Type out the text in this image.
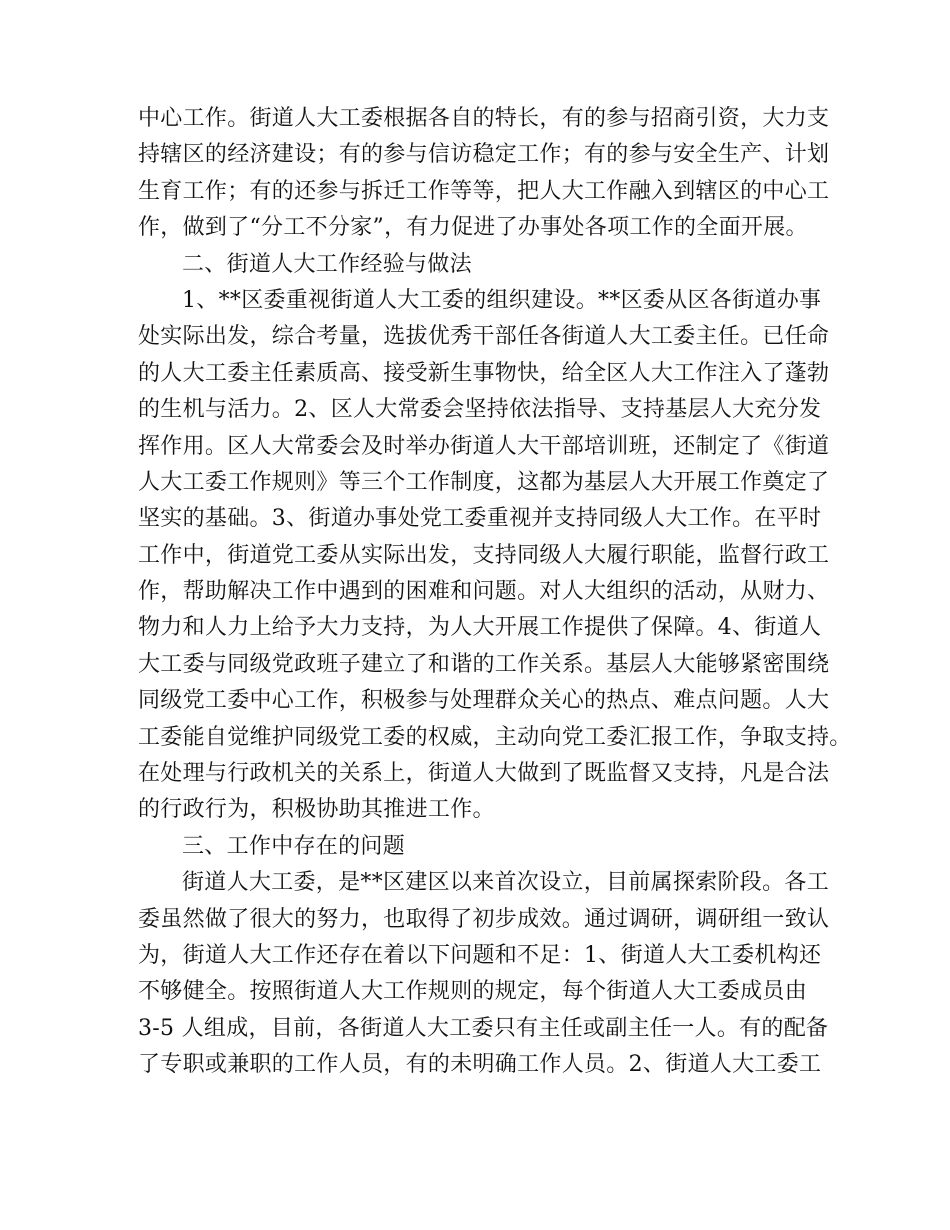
中心工作。街道人大工委根据各自的特长，有的参与招商引资，大力支
持辖区的经济建设；有的参与信访稳定工作；有的参与安全生产、计划
生育工作；有的还参与拆迁工作等等，把人大工作融入到辖区的中心工
作，做到了“分工不分家”，有力促进了办事处各项工作的全面开展。
二、街道人大工作经验与做法
1、**区委重视街道人大工委的组织建设。**区委从区各街道办事
处实际出发，综合考量，选拔优秀干部任各街道人大工委主任。已任命
的人大工委主任素质高、接受新生事物快，给全区人大工作注入了蓬勃
的生机与活力。2、区人大常委会坚持依法指导、支持基层人大充分发
挥作用。区人大常委会及时举办街道人大干部培训班，还制定了《街道
人大工委工作规则》等三个工作制度，这都为基层人大开展工作奠定了
坚实的基础。3、街道办事处党工委重视并支持同级人大工作。在平时
工作中，街道党工委从实际出发，支持同级人大履行职能，监督行政工
作，帮助解决工作中遇到的困难和问题。对人大组织的活动，从财力、
物力和人力上给予大力支持，为人大开展工作提供了保障。4、街道人
大工委与同级党政班子建立了和谐的工作关系。基层人大能够紧密围绕
同级党工委中心工作，积极参与处理群众关心的热点、难点问题。人大
工委能自觉维护同级党工委的权威，主动向党工委汇报工作，争取支持。
在处理与行政机关的关系上，街道人大做到了既监督又支持，凡是合法
的行政行为，积极协助其推进工作。
三、工作中存在的问题
街道人大工委，是**区建区以来首次设立，目前属探索阶段。各工
委虽然做了很大的努力，也取得了初步成效。通过调研，调研组一致认
为，街道人大工作还存在着以下问题和不足：1、街道人大工委机构还
不够健全。按照街道人大工作规则的规定，每个街道人大工委成员由
3-5 人组成，目前，各街道人大工委只有主任或副主任一人。有的配备
了专职或兼职的工作人员，有的未明确工作人员。2、街道人大工委工
